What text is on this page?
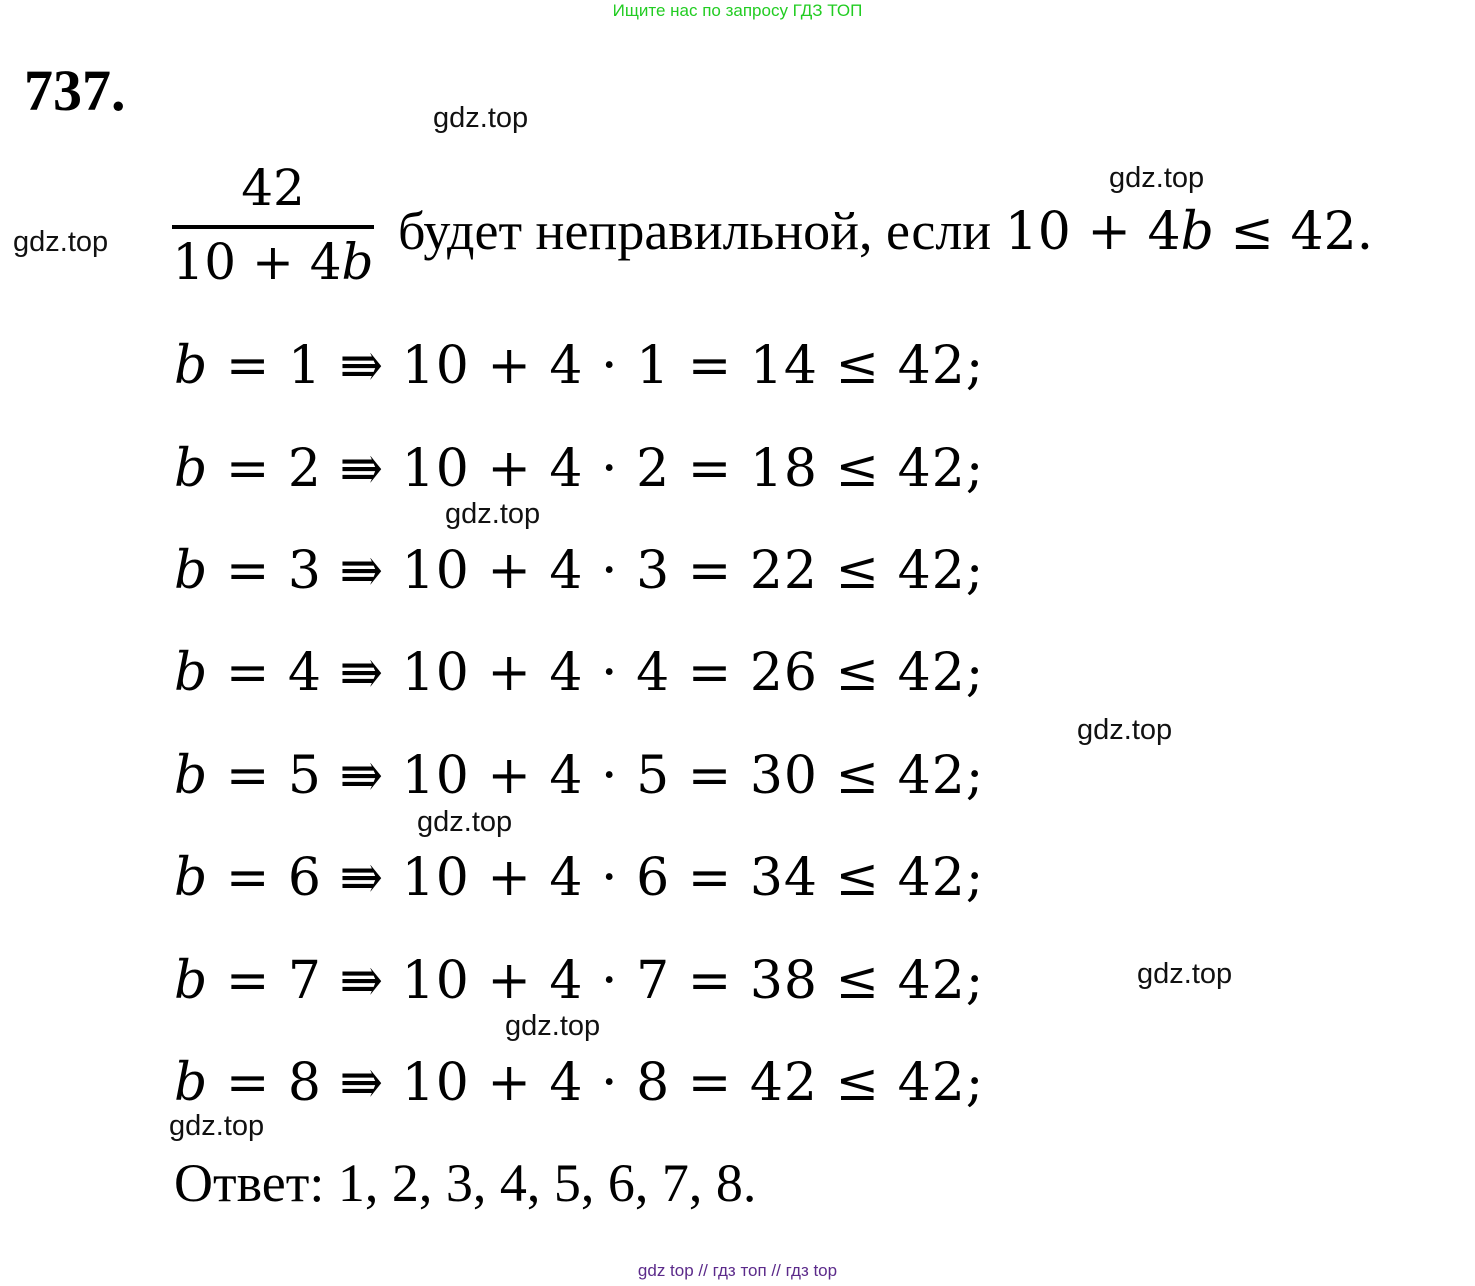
Ищите нас по запросу ГДЗ ТОП
737.	gdz.top
gdz.top
gdz.top
gdz.top
gdz.top
gdz.top
gdz.top
gdz.top
gdz.top
42
10 + 4b
будет неправильной, если 10 + 4b ≤ 42.
b = 1 ⇛ 10 + 4 · 1 = 14 ≤ 42;
b = 2 ⇛ 10 + 4 · 2 = 18 ≤ 42;
b = 3 ⇛ 10 + 4 · 3 = 22 ≤ 42;
b = 4 ⇛ 10 + 4 · 4 = 26 ≤ 42;
b = 5 ⇛ 10 + 4 · 5 = 30 ≤ 42;
b = 6 ⇛ 10 + 4 · 6 = 34 ≤ 42;
b = 7 ⇛ 10 + 4 · 7 = 38 ≤ 42;
b = 8 ⇛ 10 + 4 · 8 = 42 ≤ 42;
Ответ: 1, 2, 3, 4, 5, 6, 7, 8.
gdz top // гдз топ // гдз top
